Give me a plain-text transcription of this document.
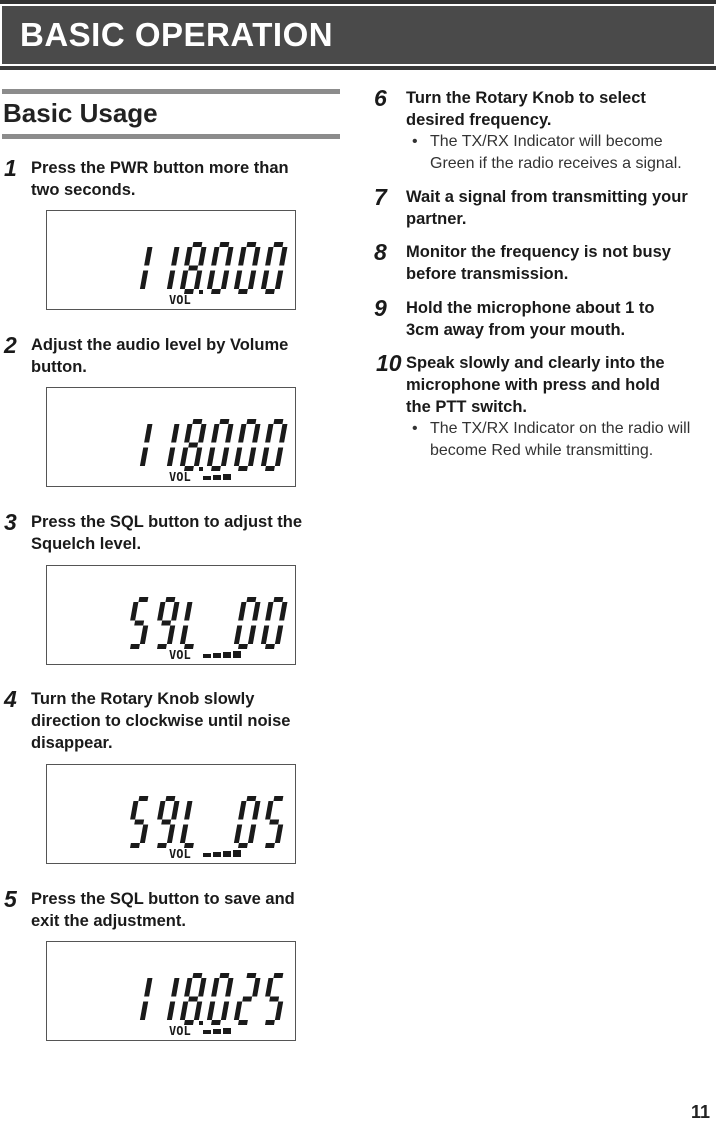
BASIC OPERATION
Basic Usage
1 Press the PWR button more than
two seconds.
VOL
2 Adjust the audio level by Volume
button.
VOL
3 Press the SQL button to adjust the
Squelch level.
VOL
4 Turn the Rotary Knob slowly
direction to clockwise until noise
disappear.
VOL
5 Press the SQL button to save and
exit the adjustment.
VOL
6 Turn the Rotary Knob to select
desired frequency.
• The TX/RX Indicator will become
Green if the radio receives a signal.
7 Wait a signal from transmitting your
partner.
8 Monitor the frequency is not busy
before transmission.
9 Hold the microphone about 1 to
3cm away from your mouth.
10 Speak slowly and clearly into the
microphone with press and hold
the PTT switch.
• The TX/RX Indicator on the radio will
become Red while transmitting.
11
